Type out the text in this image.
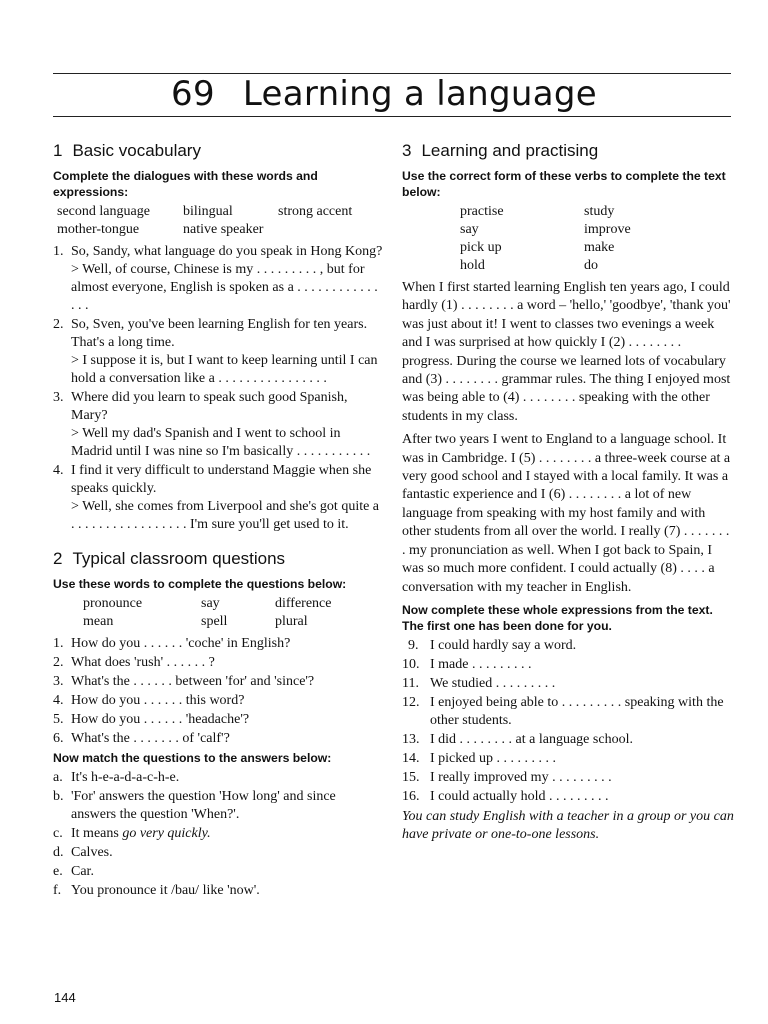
69 Learning a language
1 Basic vocabulary
Complete the dialogues with these words and expressions:
second language	bilingual	strong accent
mother-tongue	native speaker
1. So, Sandy, what language do you speak in Hong Kong?
> Well, of course, Chinese is my . . . . . . . . . , but for almost everyone, English is spoken as a . . . . . . . . . . . . . . .
2. So, Sven, you've been learning English for ten years. That's a long time.
> I suppose it is, but I want to keep learning until I can hold a conversation like a . . . . . . . . . . . . . . . .
3. Where did you learn to speak such good Spanish, Mary?
> Well my dad's Spanish and I went to school in Madrid until I was nine so I'm basically . . . . . . . . . . .
4. I find it very difficult to understand Maggie when she speaks quickly.
> Well, she comes from Liverpool and she's got quite a . . . . . . . . . . . . . . . . . I'm sure you'll get used to it.
2 Typical classroom questions
Use these words to complete the questions below:
pronounce	say	difference
mean	spell	plural
1. How do you . . . . . . 'coche' in English?
2. What does 'rush' . . . . . . ?
3. What's the . . . . . . between 'for' and 'since'?
4. How do you . . . . . . this word?
5. How do you . . . . . . 'headache'?
6. What's the . . . . . . . of 'calf'?
Now match the questions to the answers below:
a. It's h-e-a-d-a-c-h-e.
b. 'For' answers the question 'How long' and since answers the question 'When?'.
c. It means go very quickly.
d. Calves.
e. Car.
f. You pronounce it /bau/ like 'now'.
3 Learning and practising
Use the correct form of these verbs to complete the text below:
practise	study
say	improve
pick up	make
hold	do

When I first started learning English ten years ago, I could hardly (1) . . . . . . . . a word – 'hello,' 'goodbye', 'thank you' was just about it! I went to classes two evenings a week and I was surprised at how quickly I (2) . . . . . . . . progress. During the course we learned lots of vocabulary and (3) . . . . . . . . grammar rules. The thing I enjoyed most was being able to (4) . . . . . . . . speaking with the other students in my class.

After two years I went to England to a language school. It was in Cambridge. I (5) . . . . . . . . a three-week course at a very good school and I stayed with a local family. It was a fantastic experience and I (6) . . . . . . . . a lot of new language from speaking with my host family and with other students from all over the world. I really (7) . . . . . . . . my pronunciation as well. When I got back to Spain, I was so much more confident. I could actually (8) . . . . a conversation with my teacher in English.

Now complete these whole expressions from the text. The first one has been done for you.
9. I could hardly say a word.
10. I made . . . . . . . . .
11. We studied . . . . . . . . .
12. I enjoyed being able to . . . . . . . . . speaking with the other students.
13. I did . . . . . . . . at a language school.
14. I picked up . . . . . . . . .
15. I really improved my . . . . . . . . .
16. I could actually hold . . . . . . . . .
You can study English with a teacher in a group or you can have private or one-to-one lessons.
144
